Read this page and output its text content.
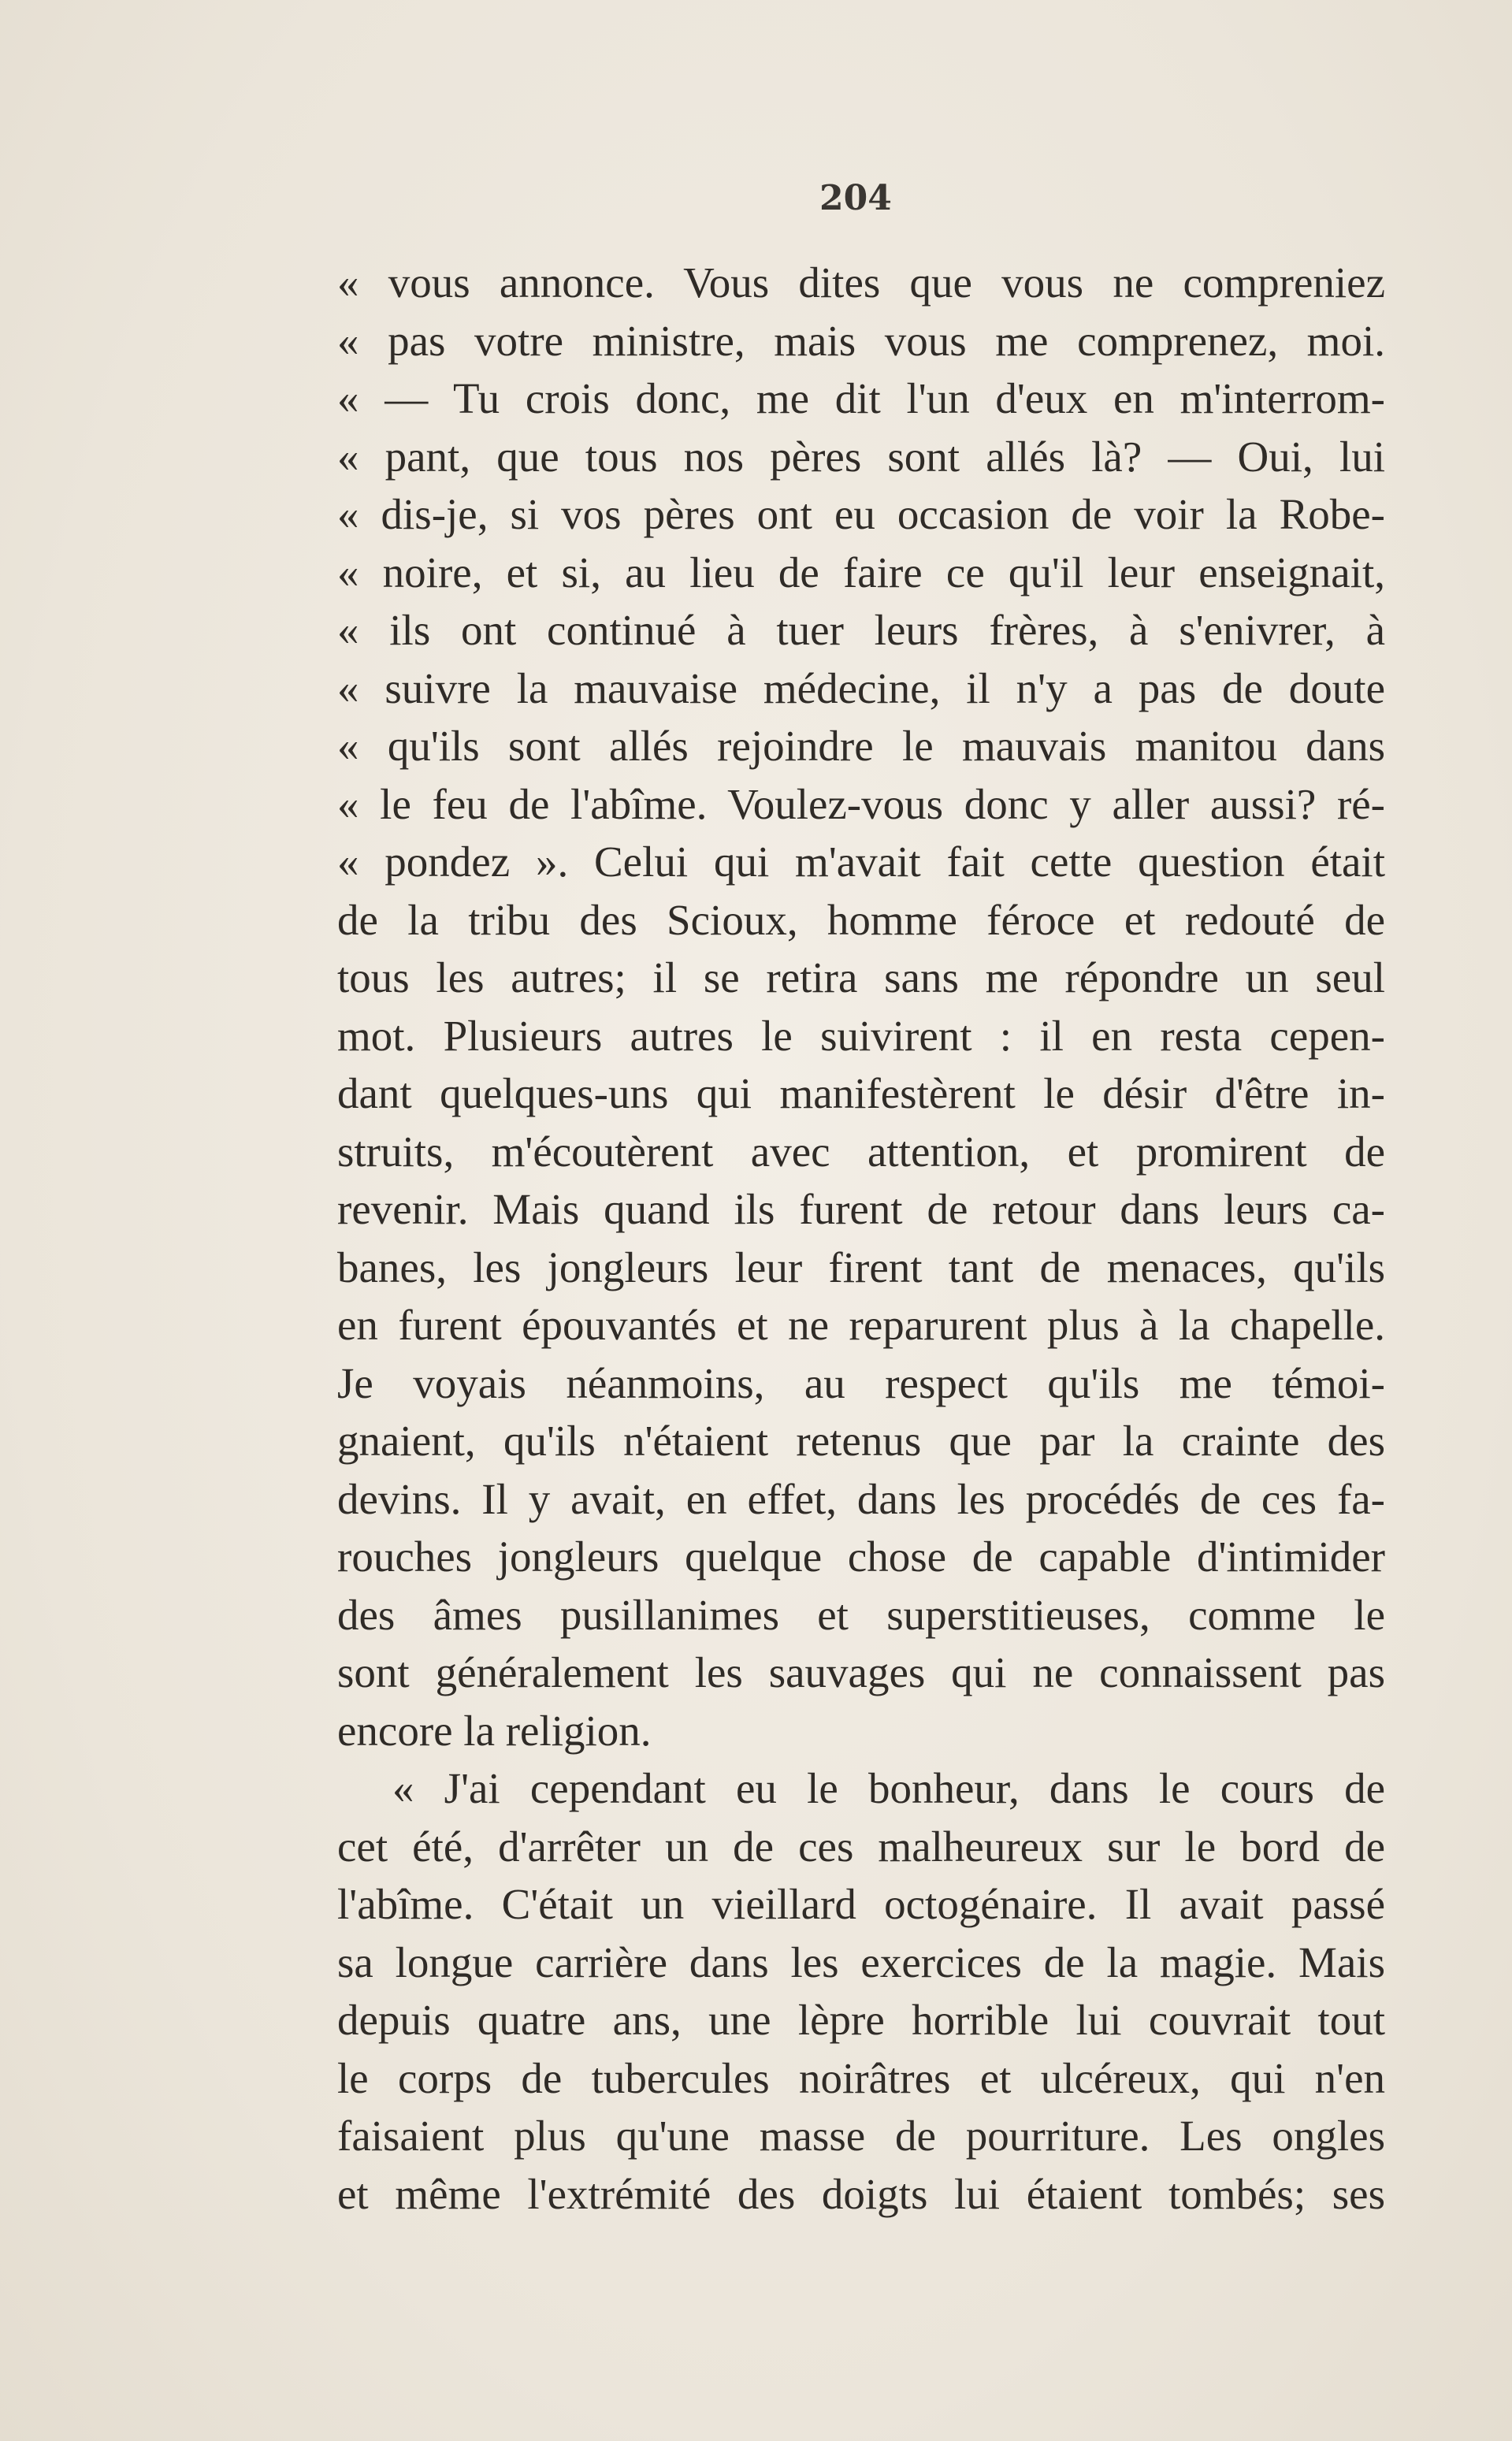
204
« vous annonce. Vous dites que vous ne compreniez
« pas votre ministre, mais vous me comprenez, moi.
« — Tu crois donc, me dit l'un d'eux en m'interrom-
« pant, que tous nos pères sont allés là? — Oui, lui
« dis-je, si vos pères ont eu occasion de voir la Robe-
« noire, et si, au lieu de faire ce qu'il leur enseignait,
« ils ont continué à tuer leurs frères, à s'enivrer, à
« suivre la mauvaise médecine, il n'y a pas de doute
« qu'ils sont allés rejoindre le mauvais manitou dans
« le feu de l'abîme. Voulez-vous donc y aller aussi? ré-
« pondez ». Celui qui m'avait fait cette question était
de la tribu des Scioux, homme féroce et redouté de
tous les autres; il se retira sans me répondre un seul
mot. Plusieurs autres le suivirent : il en resta cepen-
dant quelques-uns qui manifestèrent le désir d'être in-
struits, m'écoutèrent avec attention, et promirent de
revenir. Mais quand ils furent de retour dans leurs ca-
banes, les jongleurs leur firent tant de menaces, qu'ils
en furent épouvantés et ne reparurent plus à la chapelle.
Je voyais néanmoins, au respect qu'ils me témoi-
gnaient, qu'ils n'étaient retenus que par la crainte des
devins. Il y avait, en effet, dans les procédés de ces fa-
rouches jongleurs quelque chose de capable d'intimider
des âmes pusillanimes et superstitieuses, comme le
sont généralement les sauvages qui ne connaissent pas
encore la religion.
« J'ai cependant eu le bonheur, dans le cours de
cet été, d'arrêter un de ces malheureux sur le bord de
l'abîme. C'était un vieillard octogénaire. Il avait passé
sa longue carrière dans les exercices de la magie. Mais
depuis quatre ans, une lèpre horrible lui couvrait tout
le corps de tubercules noirâtres et ulcéreux, qui n'en
faisaient plus qu'une masse de pourriture. Les ongles
et même l'extrémité des doigts lui étaient tombés; ses
